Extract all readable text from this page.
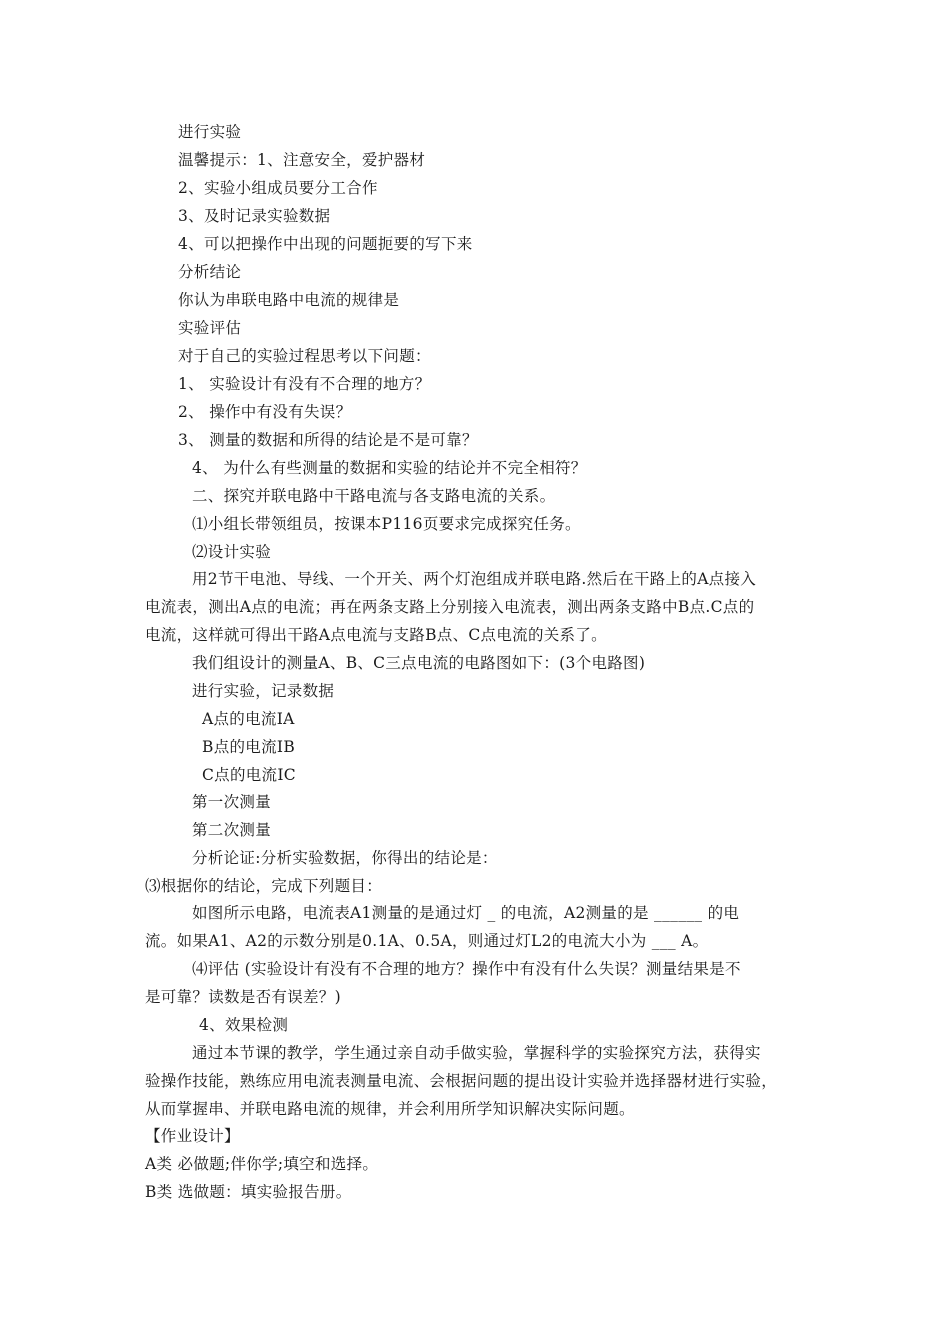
进行实验
温馨提示：1、注意安全，爱护器材
2、实验小组成员要分工合作
3、及时记录实验数据
4、可以把操作中出现的问题扼要的写下来
分析结论
你认为串联电路中电流的规律是
实验评估
对于自己的实验过程思考以下问题：
1、 实验设计有没有不合理的地方？
2、 操作中有没有失误？
3、 测量的数据和所得的结论是不是可靠？
4、 为什么有些测量的数据和实验的结论并不完全相符？
二、探究并联电路中干路电流与各支路电流的关系。
⑴小组长带领组员，按课本P116页要求完成探究任务。
⑵设计实验
用2节干电池、导线、一个开关、两个灯泡组成并联电路.然后在干路上的A点接入
电流表，测出A点的电流；再在两条支路上分别接入电流表，测出两条支路中B点.C点的
电流，这样就可得出干路A点电流与支路B点、C点电流的关系了。
我们组设计的测量A、B、C三点电流的电路图如下：(3个电路图)
进行实验，记录数据
A点的电流IA
B点的电流IB
C点的电流IC
第一次测量
第二次测量
分析论证:分析实验数据，你得出的结论是：
⑶根据你的结论，完成下列题目：
如图所示电路，电流表A1测量的是通过灯 _ 的电流，A2测量的是 ______ 的电
流。如果A1、A2的示数分别是0.1A、0.5A，则通过灯L2的电流大小为 ___ A。
⑷评估 (实验设计有没有不合理的地方？操作中有没有什么失误？测量结果是不
是可靠？读数是否有误差？)
4、效果检测
通过本节课的教学，学生通过亲自动手做实验，掌握科学的实验探究方法，获得实
验操作技能，熟练应用电流表测量电流、会根据问题的提出设计实验并选择器材进行实验，
从而掌握串、并联电路电流的规律，并会利用所学知识解决实际问题。
【作业设计】
A类 必做题;伴你学;填空和选择。
B类 选做题：填实验报告册。
